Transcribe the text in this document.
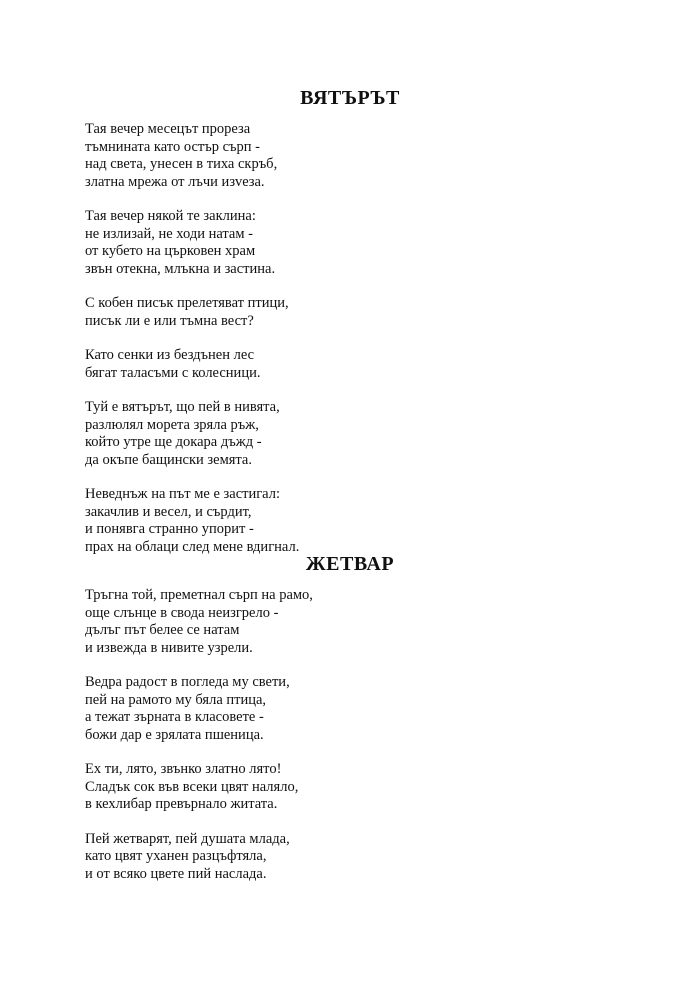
ВЯТЪРЪТ
Тая вечер месецът прореза
тъмнината като остър сърп -
над света, унесен в тиха скръб,
златна мрежа от лъчи изveза.
Тая вечер някой те заклина:
не излизай, не ходи натам -
от кубето на църковен храм
звън отекна, млъкна и застина.
С кобен писък прелетяват птици,
писък ли е или тъмна вест?
Като сенки из бездънен лес
бягат таласъми с колесници.
Туй е вятърът, що пей в нивята,
разлюлял морета зряла ръж,
който утре ще докара дъжд -
да окъпе бащински земята.
Неведнъж на път ме е застигал:
закачлив и весел, и сърдит,
и понявга странно упорит -
прах на облаци след мене вдигнал.
ЖЕТВАР
Тръгна той, преметнал сърп на рамо,
още слънце в свода неизгрело -
дълъг път белее се натам
и извежда в нивите узрели.
Ведра радост в погледа му свети,
пей на рамото му бяла птица,
а тежат зърната в класовете -
божи дар е зрялата пшеница.
Ех ти, лято, звънко златно лято!
Сладък сок във всеки цвят наляло,
в кехлибар превърнало житата.
Пей жетварят, пей душата млада,
като цвят уханен разцъфтяла,
и от всяко цвете пий наслада.
